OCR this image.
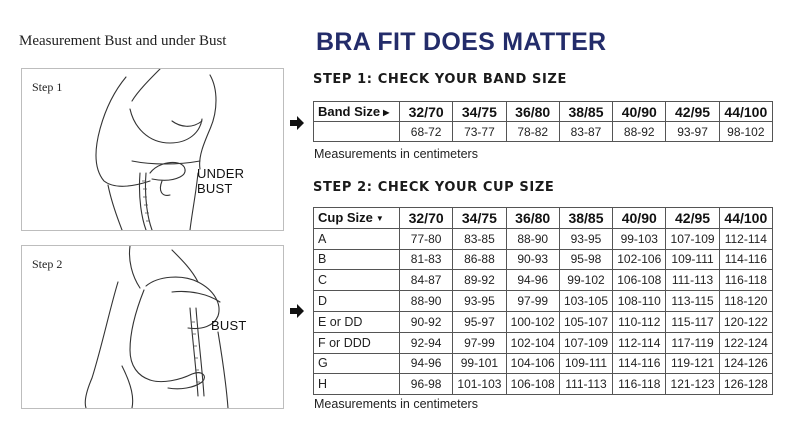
Measurement Bust and under Bust
Step 1
UNDER BUST
Step 2
BUST
BRA FIT DOES MATTER
STEP 1: CHECK YOUR BAND SIZE
Band Size ▶	32/70	34/75	36/80	38/85	40/90	42/95	44/100
	68-72	73-77	78-82	83-87	88-92	93-97	98-102
Measurements in centimeters
STEP 2: CHECK YOUR CUP SIZE
Cup Size ▼	32/70	34/75	36/80	38/85	40/90	42/95	44/100
A	77-80	83-85	88-90	93-95	99-103	107-109	112-114
B	81-83	86-88	90-93	95-98	102-106	109-111	114-116
C	84-87	89-92	94-96	99-102	106-108	111-113	116-118
D	88-90	93-95	97-99	103-105	108-110	113-115	118-120
E or DD	90-92	95-97	100-102	105-107	110-112	115-117	120-122
F or DDD	92-94	97-99	102-104	107-109	112-114	117-119	122-124
G	94-96	99-101	104-106	109-111	114-116	119-121	124-126
H	96-98	101-103	106-108	111-113	116-118	121-123	126-128
Measurements in centimeters
